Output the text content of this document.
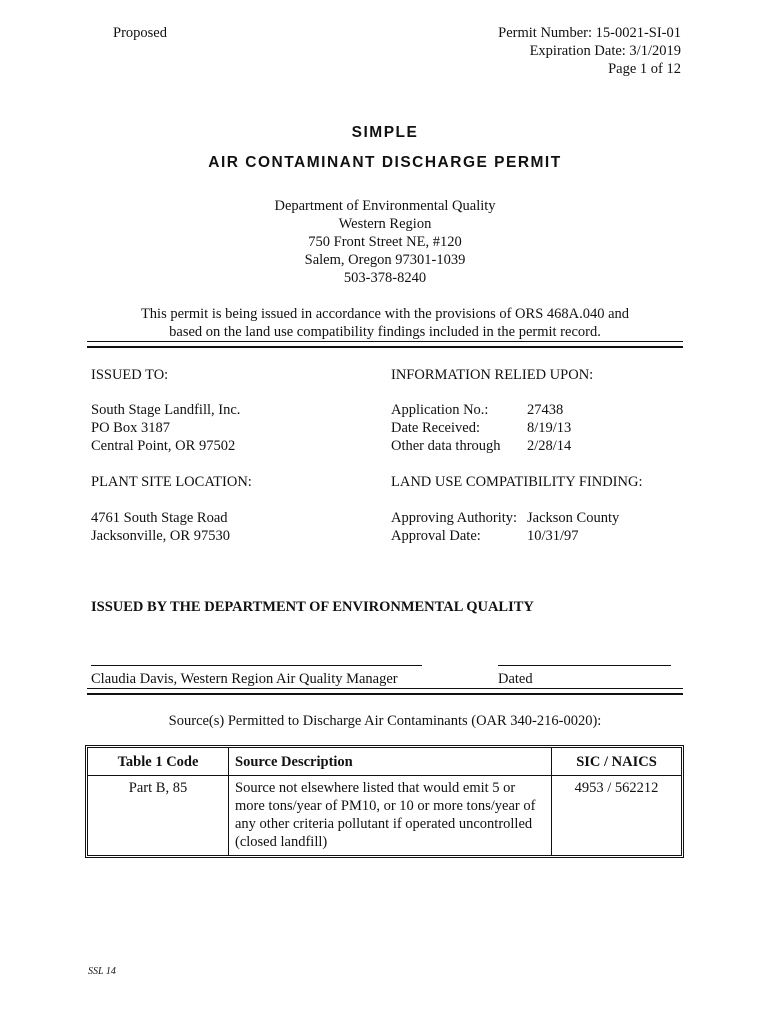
Proposed	Permit Number: 15-0021-SI-01
Expiration Date: 3/1/2019
Page 1 of 12
SIMPLE
AIR CONTAMINANT DISCHARGE PERMIT
Department of Environmental Quality
Western Region
750 Front Street NE, #120
Salem, Oregon 97301-1039
503-378-8240
This permit is being issued in accordance with the provisions of ORS 468A.040 and
based on the land use compatibility findings included in the permit record.
ISSUED TO:
South Stage Landfill, Inc.
PO Box 3187
Central Point, OR 97502
INFORMATION RELIED UPON:
Application No.:	27438
Date Received:	8/19/13
Other data through 2/28/14
PLANT SITE LOCATION:
4761 South Stage Road
Jacksonville, OR 97530
LAND USE COMPATIBILITY FINDING:
Approving Authority: Jackson County
Approval Date:	10/31/97
ISSUED BY THE DEPARTMENT OF ENVIRONMENTAL QUALITY
Claudia Davis, Western Region Air Quality Manager	Dated
Source(s) Permitted to Discharge Air Contaminants (OAR 340-216-0020):
Table 1 Code	Source Description	SIC / NAICS
Part B, 85	Source not elsewhere listed that would emit 5 or more tons/year of PM10, or 10 or more tons/year of any other criteria pollutant if operated uncontrolled (closed landfill)	4953 / 562212
SSL 14
